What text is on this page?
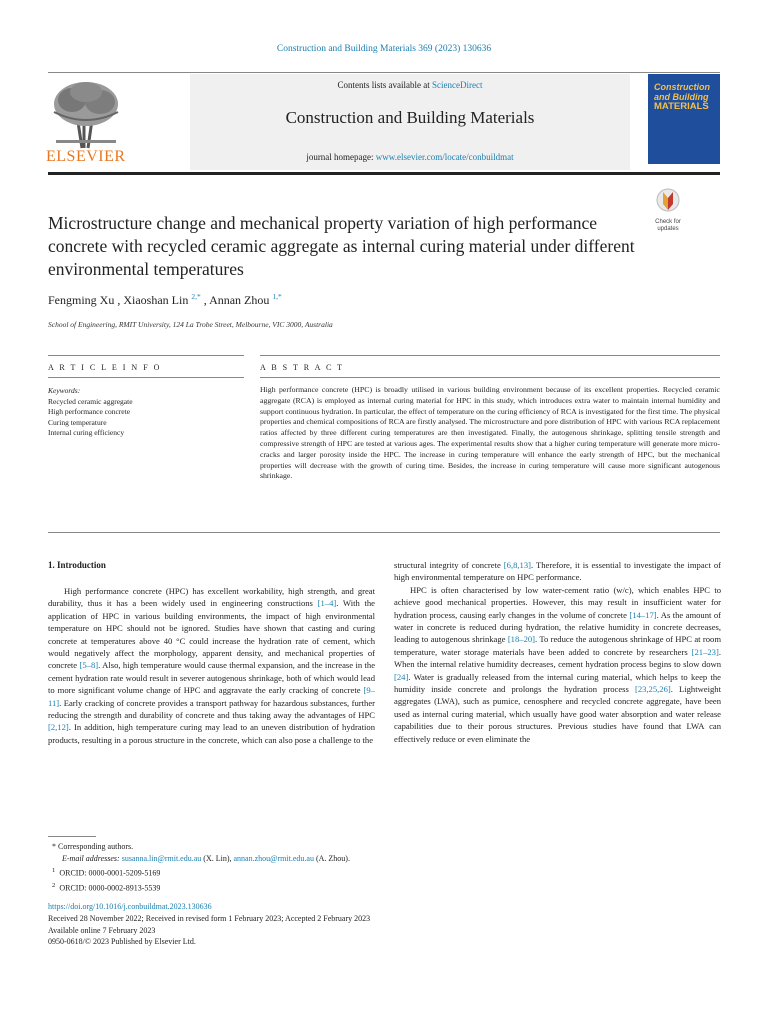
Construction and Building Materials 369 (2023) 130636
ELSEVIER
Contents lists available at ScienceDirect
Construction and Building Materials
journal homepage: www.elsevier.com/locate/conbuildmat
Construction
and Building
MATERIALS
Microstructure change and mechanical property variation of high performance concrete with recycled ceramic aggregate as internal curing material under different environmental temperatures
Check for
updates
Fengming Xu , Xiaoshan Lin $^{2,*}$ , Annan Zhou $^{1,*}$
School of Engineering, RMIT University, 124 La Trobe Street, Melbourne, VIC 3000, Australia
A R T I C L E I N F O	A B S T R A C T
Keywords:
Recycled ceramic aggregate
High performance concrete
Curing temperature
Internal curing efficiency
High performance concrete (HPC) is broadly utilised in various building environment because of its excellent properties. Recycled ceramic aggregate (RCA) is employed as internal curing material for HPC in this study, which introduces extra water to maintain internal humidity and support continuous hydration. In particular, the effect of temperature on the curing efficiency of RCA is investigated for the first time. The physical properties and chemical compositions of RCA are firstly analysed. The microstructure and pore distribution of HPC with various RCA replacement ratios affected by three different curing temperatures are then investigated. Finally, the autogenous shrinkage, splitting tensile strength and compressive strength of HPC are tested at various ages. The experimental results show that a higher curing temperature will generate more micro-cracks and larger porosity inside the HPC. The increase in curing temperature will enhance the early strength of HPC, but the mechanical properties will decrease with the growth of curing time. Besides, the increase in curing temperature will cause more significant autogenous shrinkage.
1. Introduction

High performance concrete (HPC) has excellent workability, high strength, and great durability, thus it has a been widely used in engineering constructions [1–4]. With the application of HPC in various building environments, the impact of high environmental temperature on HPC should not be ignored. Studies have shown that casting and curing concrete at temperatures above 40 °C could increase the hydration rate of cement, which would negatively affect the morphology, apparent density, and mechanical properties of concrete [5–8]. Also, high temperature would cause thermal expansion, and the increase in the cement hydration rate would result in severer autogenous shrinkage, both of which would lead to more significant volume change of HPC and aggravate the early cracking of concrete [9–11]. Early cracking of concrete provides a transport pathway for hazardous substances, further reducing the strength and durability of concrete and thus taking away the advantages of HPC [2,12]. In addition, high temperature curing may lead to an uneven distribution of hydration products, resulting in a porous structure in the concrete, which can also pose a challenge to the

structural integrity of concrete [6,8,13]. Therefore, it is essential to investigate the impact of high environmental temperature on HPC performance.

HPC is often characterised by low water-cement ratio (w/c), which enables HPC to achieve good mechanical properties. However, this may result in insufficient water for hydration process, causing early changes in the volume of concrete [14–17]. As the amount of water in concrete is reduced during hydration, the relative humidity in concrete decreases, leading to autogenous shrinkage [18–20]. To reduce the autogenous shrinkage of HPC at room temperature, water storage materials have been added to concrete by researchers [21–23]. When the internal relative humidity decreases, cement hydration process begins to slow down [24]. Water is gradually released from the internal curing material, which helps to keep the humidity inside concrete and prolongs the hydration process [23,25,26]. Lightweight aggregates (LWA), such as pumice, cenosphere and recycled concrete aggregate, have been used as internal curing material, which usually have good water absorption and water release capabilities due to their porous structures. Previous studies have found that LWA can effectively reduce or even eliminate the

* Corresponding authors.
E-mail addresses: susanna.lin@rmit.edu.au (X. Lin), annan.zhou@rmit.edu.au (A. Zhou).
$^1$ ORCID: 0000-0001-5209-5169
$^2$ ORCID: 0000-0002-8913-5539
https://doi.org/10.1016/j.conbuildmat.2023.130636
Received 28 November 2022; Received in revised form 1 February 2023; Accepted 2 February 2023
Available online 7 February 2023
0950-0618/© 2023 Published by Elsevier Ltd.
